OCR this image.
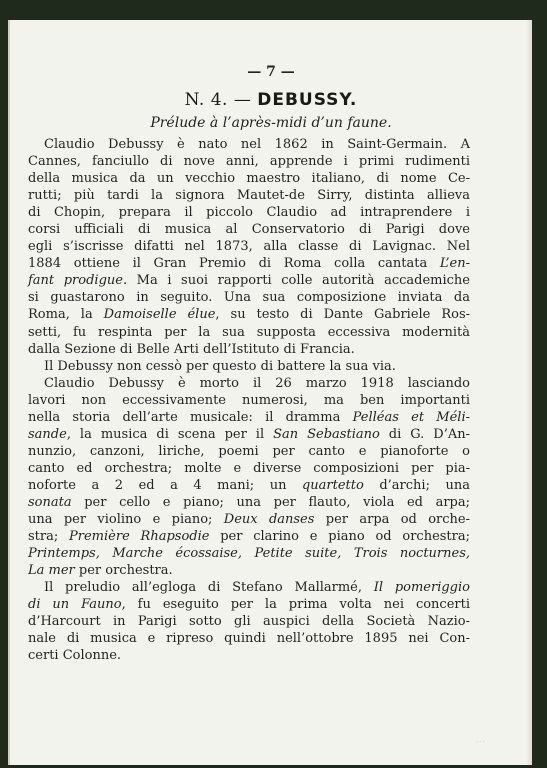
— 7 —
N. 4. — DEBUSSY.
Prélude à l’après-midi d’un faune.
Claudio Debussy è nato nel 1862 in Saint-Germain. A
Cannes, fanciullo di nove anni, apprende i primi rudimenti
della musica da un vecchio maestro italiano, di nome Ce-
rutti; più tardi la signora Mautet-de Sirry, distinta allieva
di Chopin, prepara il piccolo Claudio ad intraprendere i
corsi ufficiali di musica al Conservatorio di Parigi dove
egli s’iscrisse difatti nel 1873, alla classe di Lavignac. Nel
1884 ottiene il Gran Premio di Roma colla cantata L’en-
fant prodigue. Ma i suoi rapporti colle autorità accademiche
si guastarono in seguito. Una sua composizione inviata da
Roma, la Damoiselle élue, su testo di Dante Gabriele Ros-
setti, fu respinta per la sua supposta eccessiva modernità
dalla Sezione di Belle Arti dell’Istituto di Francia.
Il Debussy non cessò per questo di battere la sua via.
Claudio Debussy è morto il 26 marzo 1918 lasciando
lavori non eccessivamente numerosi, ma ben importanti
nella storia dell’arte musicale: il dramma Pelléas et Méli-
sande, la musica di scena per il San Sebastiano di G. D’An-
nunzio, canzoni, liriche, poemi per canto e pianoforte o
canto ed orchestra; molte e diverse composizioni per pia-
noforte a 2 ed a 4 mani; un quartetto d’archi; una
sonata per cello e piano; una per flauto, viola ed arpa;
una per violino e piano; Deux danses per arpa od orche-
stra; Première Rhapsodie per clarino e piano od orchestra;
Printemps, Marche écossaise, Petite suite, Trois nocturnes,
La mer per orchestra.
Il preludio all’egloga di Stefano Mallarmé, Il pomeriggio
di un Fauno, fu eseguito per la prima volta nei concerti
d’Harcourt in Parigi sotto gli auspici della Società Nazio-
nale di musica e ripreso quindi nell’ottobre 1895 nei Con-
certi Colonne.
…
